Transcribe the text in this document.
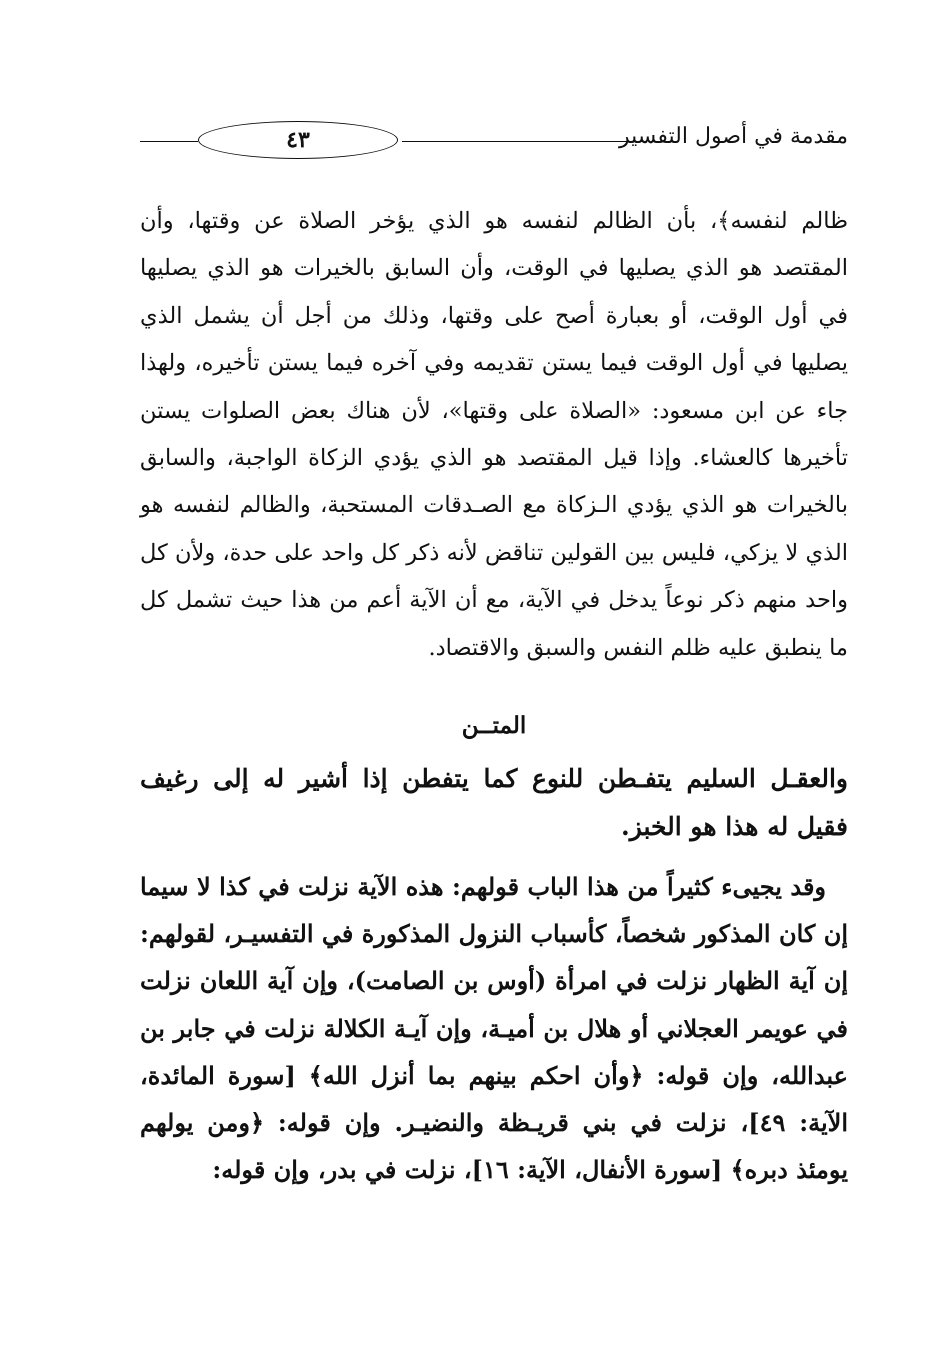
٤٣	مقدمة في أصول التفسير

ظالم لنفسه﴾، بأن الظالم لنفسه هو الذي يؤخر الصلاة عن وقتها، وأن المقتصد هو الذي يصليها في الوقت، وأن السابق بالخيرات هو الذي يصليها في أول الوقت، أو بعبارة أصح على وقتها، وذلك من أجل أن يشمل الذي يصليها في أول الوقت فيما يستن تقديمه وفي آخره فيما يستن تأخيره، ولهذا جاء عن ابن مسعود: «الصلاة على وقتها»، لأن هناك بعض الصلوات يستن تأخيرها كالعشاء. وإذا قيل المقتصد هو الذي يؤدي الزكاة الواجبة، والسابق بالخيرات هو الذي يؤدي الـزكاة مع الصـدقات المستحبة، والظالم لنفسه هو الذي لا يزكي، فليس بين القولين تناقض لأنه ذكر كل واحد على حدة، ولأن كل واحد منهم ذكر نوعاً يدخل في الآية، مع أن الآية أعم من هذا حيث تشمل كل ما ينطبق عليه ظلم النفس والسبق والاقتصاد.

المتــن

والعقـل السليم يتفـطن للنوع كما يتفطن إذا أشير له إلى رغيف فقيل له هذا هو الخبز.

وقد يجيىء كثيراً من هذا الباب قولهم: هذه الآية نزلت في كذا لا سيما إن كان المذكور شخصاً، كأسباب النزول المذكورة في التفسيـر، لقولهم: إن آية الظهار نزلت في امرأة (أوس بن الصامت)، وإن آية اللعان نزلت في عويمر العجلاني أو هلال بن أميـة، وإن آيـة الكلالة نزلت في جابر بن عبدالله، وإن قوله: ﴿وأن احكم بينهم بما أنزل الله﴾ [سورة المائدة، الآية: ٤٩]، نزلت في بني قريـظة والنضيـر. وإن قوله: ﴿ومن يولهم يومئذ دبره﴾ [سورة الأنفال، الآية: ١٦]، نزلت في بدر، وإن قوله:
